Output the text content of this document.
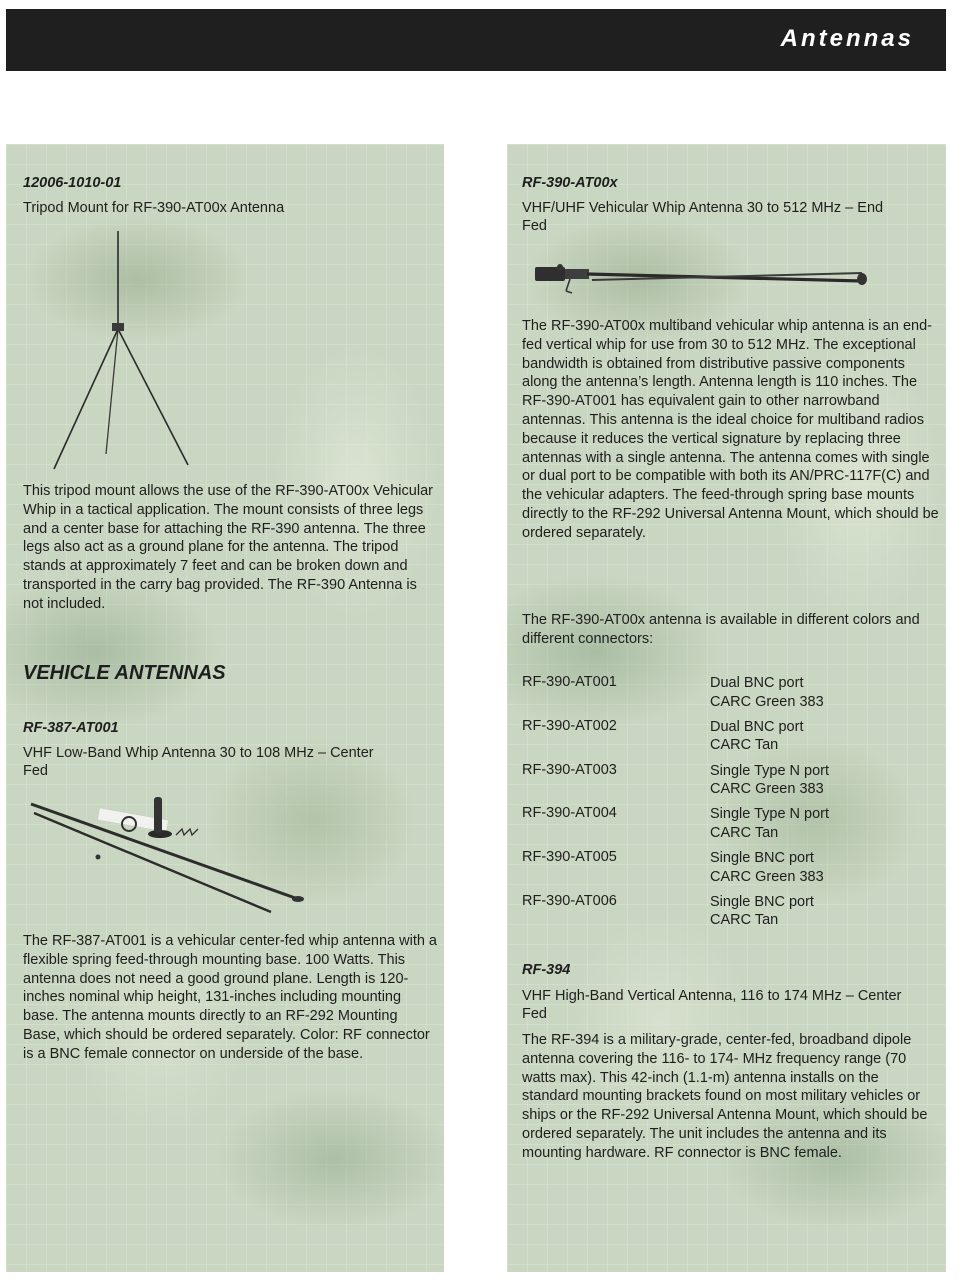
Antennas
12006-1010-01
Tripod Mount for RF-390-AT00x Antenna
This tripod mount allows the use of the RF-390-AT00x Vehicular Whip in a tactical application. The mount consists of three legs and a center base for attaching the RF-390 antenna. The three legs also act as a ground plane for the antenna. The tripod stands at approximately 7 feet and can be broken down and transported in the carry bag provided. The RF-390 Antenna is not included.
VEHICLE ANTENNAS
RF-387-AT001
VHF Low-Band Whip Antenna 30 to 108 MHz – Center Fed
The RF-387-AT001 is a vehicular center-fed whip antenna with a flexible spring feed-through mounting base. 100 Watts. This antenna does not need a good ground plane. Length is 120-inches nominal whip height, 131-inches including mounting base. The antenna mounts directly to an RF-292 Mounting Base, which should be ordered separately. Color: RF connector is a BNC female connector on underside of the base.
RF-390-AT00x
VHF/UHF Vehicular Whip Antenna 30 to 512 MHz – End Fed
The RF-390-AT00x multiband vehicular whip antenna is an end-fed vertical whip for use from 30 to 512 MHz. The exceptional bandwidth is obtained from distributive passive components along the antenna’s length. Antenna length is 110 inches. The RF-390-AT001 has equivalent gain to other narrowband antennas. This antenna is the ideal choice for multiband radios because it reduces the vertical signature by replacing three antennas with a single antenna. The antenna comes with single or dual port to be compatible with both its AN/PRC-117F(C) and the vehicular adapters. The feed-through spring base mounts directly to the RF-292 Universal Antenna Mount, which should be ordered separately.
The RF-390-AT00x antenna is available in different colors and different connectors:
RF-390-AT001	Dual BNC port
CARC Green 383
RF-390-AT002	Dual BNC port
CARC Tan
RF-390-AT003	Single Type N port
CARC Green 383
RF-390-AT004	Single Type N port
CARC Tan
RF-390-AT005	Single BNC port
CARC Green 383
RF-390-AT006	Single BNC port
CARC Tan
RF-394
VHF High-Band Vertical Antenna, 116 to 174 MHz – Center Fed
The RF-394 is a military-grade, center-fed, broadband dipole antenna covering the 116- to 174- MHz frequency range (70 watts max). This 42-inch (1.1-m) antenna installs on the standard mounting brackets found on most military vehicles or ships or the RF-292 Universal Antenna Mount, which should be ordered separately. The unit includes the antenna and its mounting hardware. RF connector is BNC female.
